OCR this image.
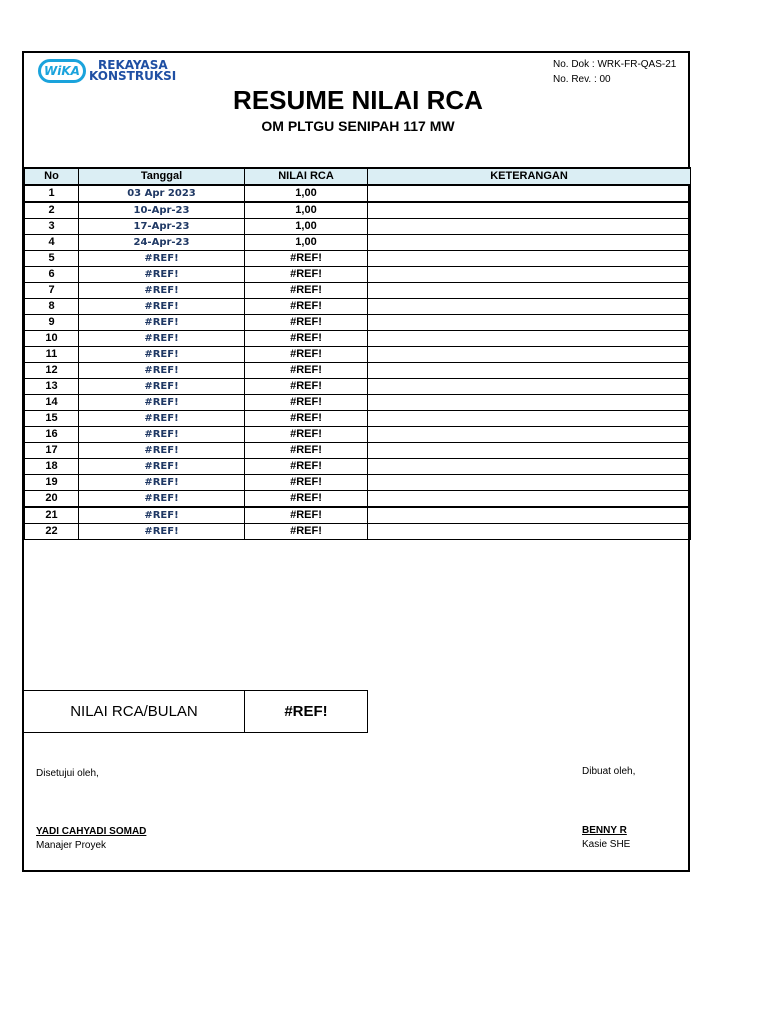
WiKA	REKAYASA
KONSTRUKSI
No. Dok : WRK-FR-QAS-21
No. Rev. : 00
RESUME NILAI RCA
OM PLTGU SENIPAH 117 MW
No	Tanggal	NILAI RCA	KETERANGAN
1	03 Apr 2023	1,00	
2	10-Apr-23	1,00	
3	17-Apr-23	1,00	
4	24-Apr-23	1,00	
5	#REF!	#REF!	
6	#REF!	#REF!	
7	#REF!	#REF!	
8	#REF!	#REF!	
9	#REF!	#REF!	
10	#REF!	#REF!	
11	#REF!	#REF!	
12	#REF!	#REF!	
13	#REF!	#REF!	
14	#REF!	#REF!	
15	#REF!	#REF!	
16	#REF!	#REF!	
17	#REF!	#REF!	
18	#REF!	#REF!	
19	#REF!	#REF!	
20	#REF!	#REF!	
21	#REF!	#REF!	
22	#REF!	#REF!	
NILAI RCA/BULAN	#REF!
Disetujui oleh,	Dibuat oleh,
YADI CAHYADI SOMAD
Manajer Proyek
BENNY R
Kasie SHE
